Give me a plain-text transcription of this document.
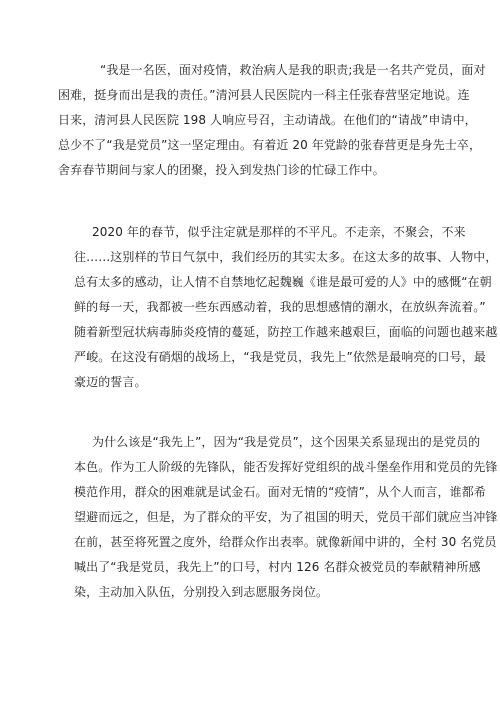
“我是一名医，面对疫情，救治病人是我的职责;我是一名共产党员，面对
困难，挺身而出是我的责任。”清河县人民医院内一科主任张春营坚定地说。连
日来，清河县人民医院 198 人响应号召，主动请战。在他们的“请战”申请中，
总少不了“我是党员”这一坚定理由。有着近 20 年党龄的张春营更是身先士卒，
舍弃春节期间与家人的团聚，投入到发热门诊的忙碌工作中。
2020 年的春节，似乎注定就是那样的不平凡。不走亲，不聚会，不来
往……这别样的节日气氛中，我们经历的其实太多。在这太多的故事、人物中，
总有太多的感动，让人情不自禁地忆起魏巍《谁是最可爱的人》中的感慨“在朝
鲜的每一天，我都被一些东西感动着，我的思想感情的潮水，在放纵奔流着。”
随着新型冠状病毒肺炎疫情的蔓延，防控工作越来越艰巨，面临的问题也越来越
严峻。在这没有硝烟的战场上，“我是党员，我先上”依然是最响亮的口号，最
豪迈的誓言。
为什么该是“我先上”，因为“我是党员”，这个因果关系显现出的是党员的
本色。作为工人阶级的先锋队，能否发挥好党组织的战斗堡垒作用和党员的先锋
模范作用，群众的困难就是试金石。面对无情的“疫情”，从个人而言，谁都希
望避而远之，但是，为了群众的平安，为了祖国的明天，党员干部们就应当冲锋
在前，甚至将死置之度外，给群众作出表率。就像新闻中讲的，全村 30 名党员
喊出了“我是党员，我先上”的口号，村内 126 名群众被党员的奉献精神所感
染，主动加入队伍，分别投入到志愿服务岗位。
